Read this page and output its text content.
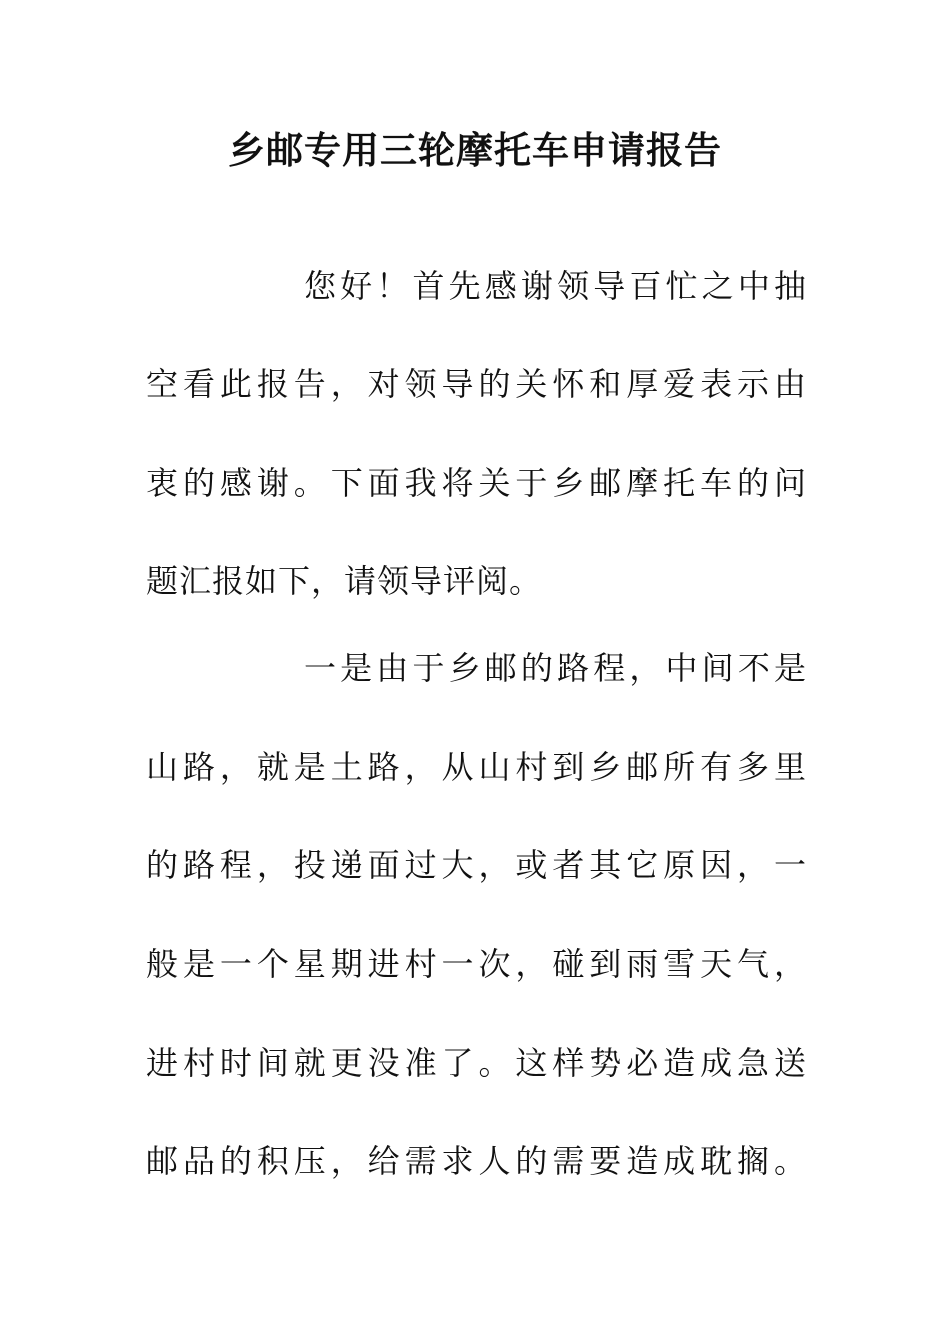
乡邮专用三轮摩托车申请报告
您好！首先感谢领导百忙之中抽
空看此报告，对领导的关怀和厚爱表示由
衷的感谢。下面我将关于乡邮摩托车的问
题汇报如下，请领导评阅。
一是由于乡邮的路程，中间不是
山路，就是土路，从山村到乡邮所有多里
的路程，投递面过大，或者其它原因，一
般是一个星期进村一次，碰到雨雪天气，
进村时间就更没准了。这样势必造成急送
邮品的积压，给需求人的需要造成耽搁。
